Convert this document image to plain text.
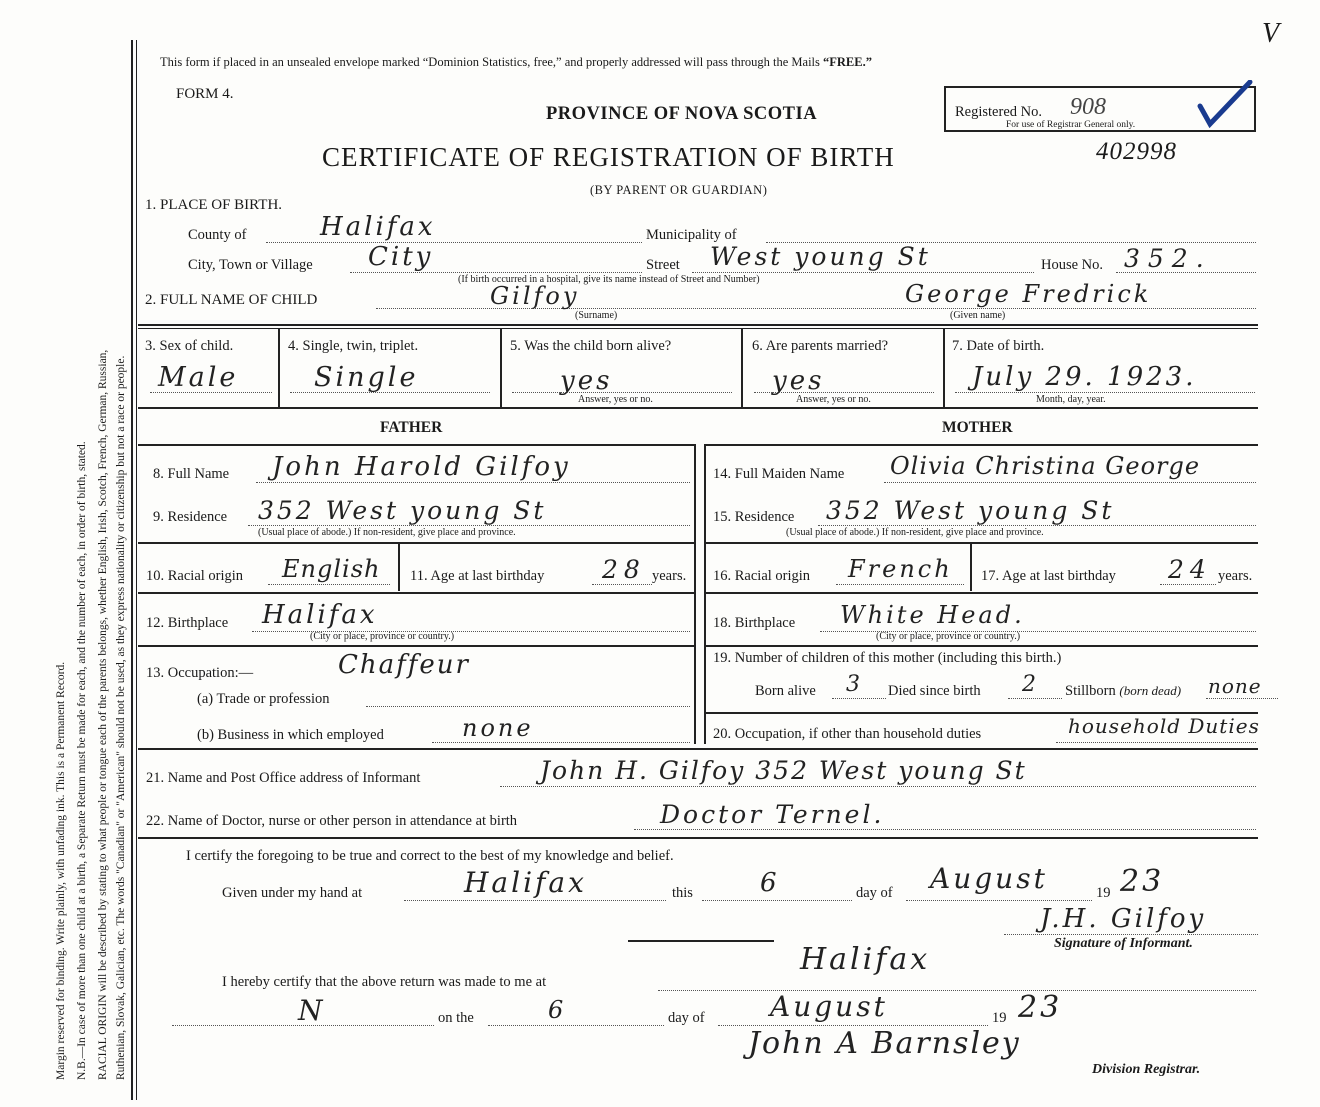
Margin reserved for binding. Write plainly, with unfading ink. This is a Permanent Record. N.B.—In case of more than one child at a birth, a Separate Return must be made for each, and the number of each, in order of birth, stated. RACIAL ORIGIN will be described by stating to what people or tongue each of the parents belongs, whether English, Irish, Scotch, French, German, Russian, Ruthenian, Slovak, Galician, etc. The words "Canadian" or "American" should not be used, as they express nationality or citizenship but not a race or people.
This form if placed in an unsealed envelope marked “Dominion Statistics, free,” and properly addressed will pass through the Mails “FREE.”
FORM 4.
PROVINCE OF NOVA SCOTIA
CERTIFICATE OF REGISTRATION OF BIRTH	402998
(BY PARENT OR GUARDIAN)
V
Registered No. 908
For use of Registrar General only.
1. PLACE OF BIRTH.
County of	Halifax	Municipality of
City, Town or Village City	Street West young St	House No. 352.
(If birth occurred in a hospital, give its name instead of Street and Number)
2. FULL NAME OF CHILD	Gilfoy
(Surname)
George Fredrick
(Given name)
3. Sex of child.
Male
4. Single, twin, triplet.
Single
5. Was the child born alive?
yes
Answer, yes or no.
6. Are parents married?
yes
Answer, yes or no.
7. Date of birth.
July 29. 1923.
Month, day, year.
FATHER	MOTHER
8. Full Name John Harold Gilfoy
9. Residence 352 West young St
(Usual place of abode.) If non-resident, give place and province.
10. Racial origin English 11. Age at last birthday 28 years.
12. Birthplace Halifax
(City or place, province or country.)
13. Occupation:—	Chaffeur
(a) Trade or profession
(b) Business in which employed	none
14. Full Maiden Name Olivia Christina George
15. Residence 352 West young St
(Usual place of abode.) If non-resident, give place and province.
16. Racial origin French 17. Age at last birthday 24 years.
18. Birthplace White Head.
(City or place, province or country.)
19. Number of children of this mother (including this birth.)
Born alive 3 Died since birth 2 Stillborn (born dead) none
20. Occupation, if other than household duties	household Duties
21. Name and Post Office address of Informant	John H. Gilfoy 352 West young St
22. Name of Doctor, nurse or other person in attendance at birth	Doctor Ternel.
I certify the foregoing to be true and correct to the best of my knowledge and belief.
Given under my hand at	Halifax	this	6	day of August	19 23
J.H. Gilfoy
Signature of Informant.
Halifax
I hereby certify that the above return was made to me at
N	on the	6	day of August	19 23
John A Barnsley
Division Registrar.
